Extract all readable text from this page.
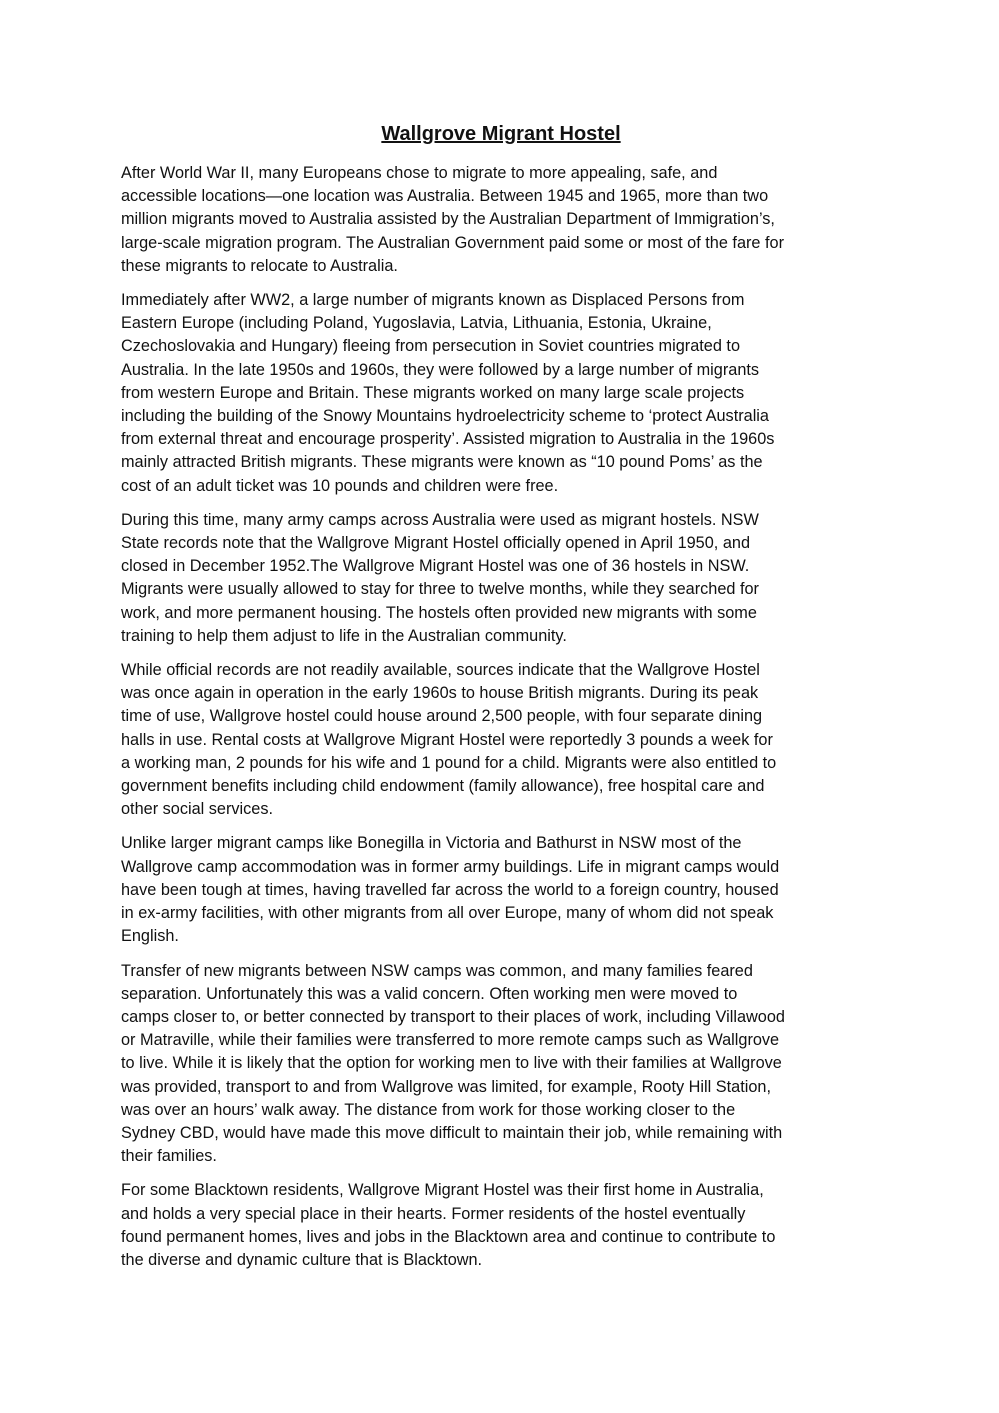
Wallgrove Migrant Hostel

After World War II, many Europeans chose to migrate to more appealing, safe, and
accessible locations—one location was Australia. Between 1945 and 1965, more than two
million migrants moved to Australia assisted by the Australian Department of Immigration’s,
large-scale migration program. The Australian Government paid some or most of the fare for
these migrants to relocate to Australia.

Immediately after WW2, a large number of migrants known as Displaced Persons from
Eastern Europe (including Poland, Yugoslavia, Latvia, Lithuania, Estonia, Ukraine,
Czechoslovakia and Hungary) fleeing from persecution in Soviet countries migrated to
Australia. In the late 1950s and 1960s, they were followed by a large number of migrants
from western Europe and Britain. These migrants worked on many large scale projects
including the building of the Snowy Mountains hydroelectricity scheme to ‘protect Australia
from external threat and encourage prosperity’. Assisted migration to Australia in the 1960s
mainly attracted British migrants. These migrants were known as “10 pound Poms’ as the
cost of an adult ticket was 10 pounds and children were free.

During this time, many army camps across Australia were used as migrant hostels. NSW
State records note that the Wallgrove Migrant Hostel officially opened in April 1950, and
closed in December 1952.The Wallgrove Migrant Hostel was one of 36 hostels in NSW.
Migrants were usually allowed to stay for three to twelve months, while they searched for
work, and more permanent housing. The hostels often provided new migrants with some
training to help them adjust to life in the Australian community.

While official records are not readily available, sources indicate that the Wallgrove Hostel
was once again in operation in the early 1960s to house British migrants. During its peak
time of use, Wallgrove hostel could house around 2,500 people, with four separate dining
halls in use. Rental costs at Wallgrove Migrant Hostel were reportedly 3 pounds a week for
a working man, 2 pounds for his wife and 1 pound for a child. Migrants were also entitled to
government benefits including child endowment (family allowance), free hospital care and
other social services.

Unlike larger migrant camps like Bonegilla in Victoria and Bathurst in NSW most of the
Wallgrove camp accommodation was in former army buildings. Life in migrant camps would
have been tough at times, having travelled far across the world to a foreign country, housed
in ex-army facilities, with other migrants from all over Europe, many of whom did not speak
English.

Transfer of new migrants between NSW camps was common, and many families feared
separation. Unfortunately this was a valid concern. Often working men were moved to
camps closer to, or better connected by transport to their places of work, including Villawood
or Matraville, while their families were transferred to more remote camps such as Wallgrove
to live. While it is likely that the option for working men to live with their families at Wallgrove
was provided, transport to and from Wallgrove was limited, for example, Rooty Hill Station,
was over an hours’ walk away. The distance from work for those working closer to the
Sydney CBD, would have made this move difficult to maintain their job, while remaining with
their families.

For some Blacktown residents, Wallgrove Migrant Hostel was their first home in Australia,
and holds a very special place in their hearts. Former residents of the hostel eventually
found permanent homes, lives and jobs in the Blacktown area and continue to contribute to
the diverse and dynamic culture that is Blacktown.
